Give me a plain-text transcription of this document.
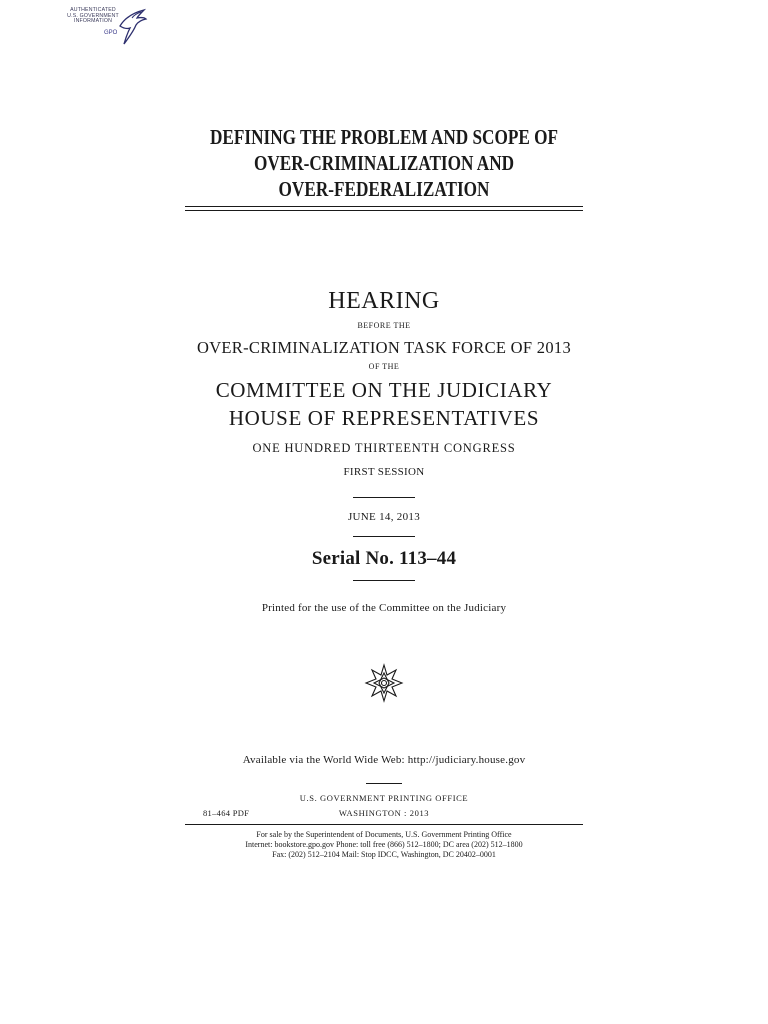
AUTHENTICATED
U.S. GOVERNMENT
INFORMATION
GPO
DEFINING THE PROBLEM AND SCOPE OF
OVER-CRIMINALIZATION AND
OVER-FEDERALIZATION
HEARING
BEFORE THE
OVER-CRIMINALIZATION TASK FORCE OF 2013
OF THE
COMMITTEE ON THE JUDICIARY
HOUSE OF REPRESENTATIVES
ONE HUNDRED THIRTEENTH CONGRESS
FIRST SESSION
JUNE 14, 2013
Serial No. 113–44
Printed for the use of the Committee on the Judiciary
Available via the World Wide Web: http://judiciary.house.gov
U.S. GOVERNMENT PRINTING OFFICE
81–464 PDF	WASHINGTON : 2013
For sale by the Superintendent of Documents, U.S. Government Printing Office
Internet: bookstore.gpo.gov Phone: toll free (866) 512–1800; DC area (202) 512–1800
Fax: (202) 512–2104 Mail: Stop IDCC, Washington, DC 20402–0001
